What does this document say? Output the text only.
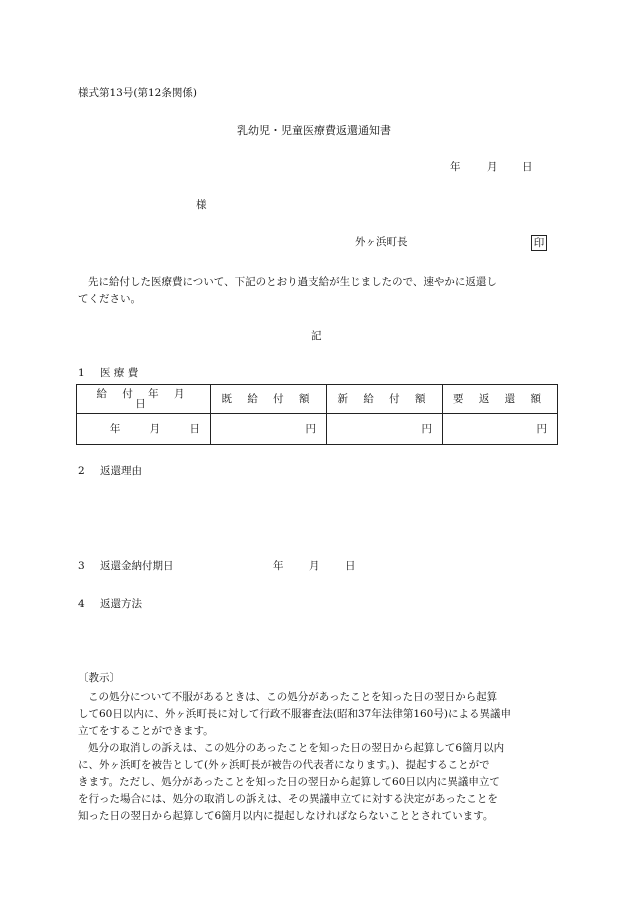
様式第13号(第12条関係)
乳幼児・児童医療費返還通知書
年	月 日
様
外ヶ浜町長	印
先に給付した医療費について、下記のとおり過支給が生じましたので、速やかに返還し
てください。
記
1 医 療 費
給 付 年 月 日	既 給 付 額	新 給 付 額	要 返 還 額
年 月 日	円	円	円
2 返還理由
3 返還金納付期日	年 月 日
4 返還方法
〔教示〕
この処分について不服があるときは、この処分があったことを知った日の翌日から起算
して60日以内に、外ヶ浜町長に対して行政不服審査法(昭和37年法律第160号)による異議申
立てをすることができます。
処分の取消しの訴えは、この処分のあったことを知った日の翌日から起算して6箇月以内
に、外ヶ浜町を被告として(外ヶ浜町長が被告の代表者になります。)、提起することがで
きます。ただし、処分があったことを知った日の翌日から起算して60日以内に異議申立て
を行った場合には、処分の取消しの訴えは、その異議申立てに対する決定があったことを
知った日の翌日から起算して6箇月以内に提起しなければならないこととされています。
